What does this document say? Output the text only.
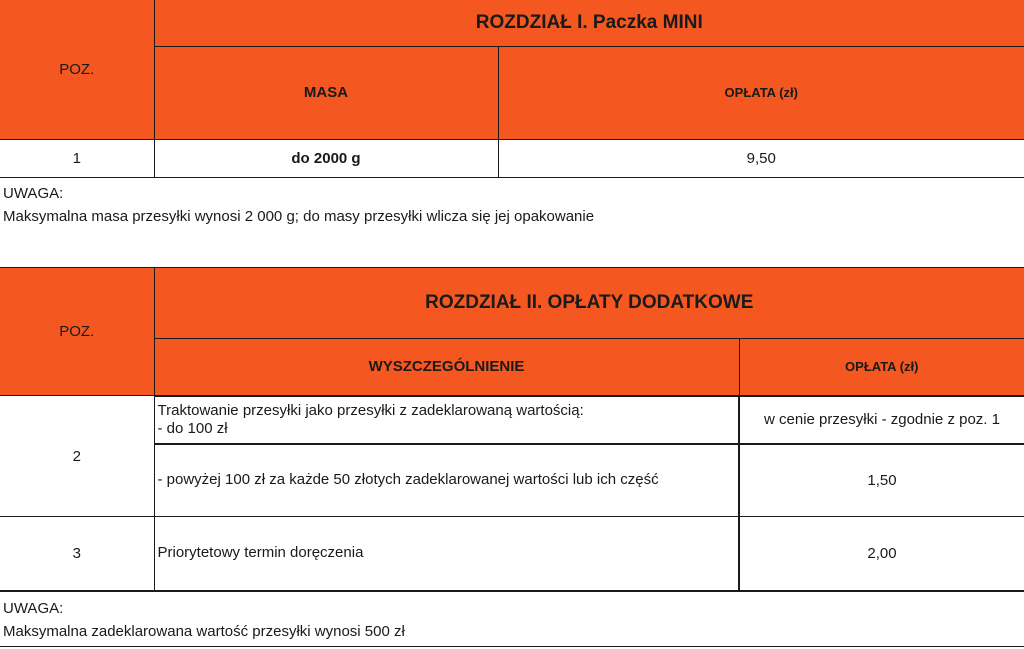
POZ.	ROZDZIAŁ I. Paczka MINI	
	MASA	OPŁATA (zł)
1	do 2000 g	9,50
UWAGA:
Maksymalna masa przesyłki wynosi 2 000 g; do masy przesyłki wlicza się jej opakowanie
POZ.	ROZDZIAŁ II. OPŁATY DODATKOWE	
	WYSZCZEGÓLNIENIE	OPŁATA (zł)
2	Traktowanie przesyłki jako przesyłki z zadeklarowaną wartością:
- do 100 zł	w cenie przesyłki - zgodnie z poz. 1
	- powyżej 100 zł za każde 50 złotych zadeklarowanej wartości lub ich część	1,50
3	Priorytetowy termin doręczenia	2,00
UWAGA:
Maksymalna zadeklarowana wartość przesyłki wynosi 500 zł
